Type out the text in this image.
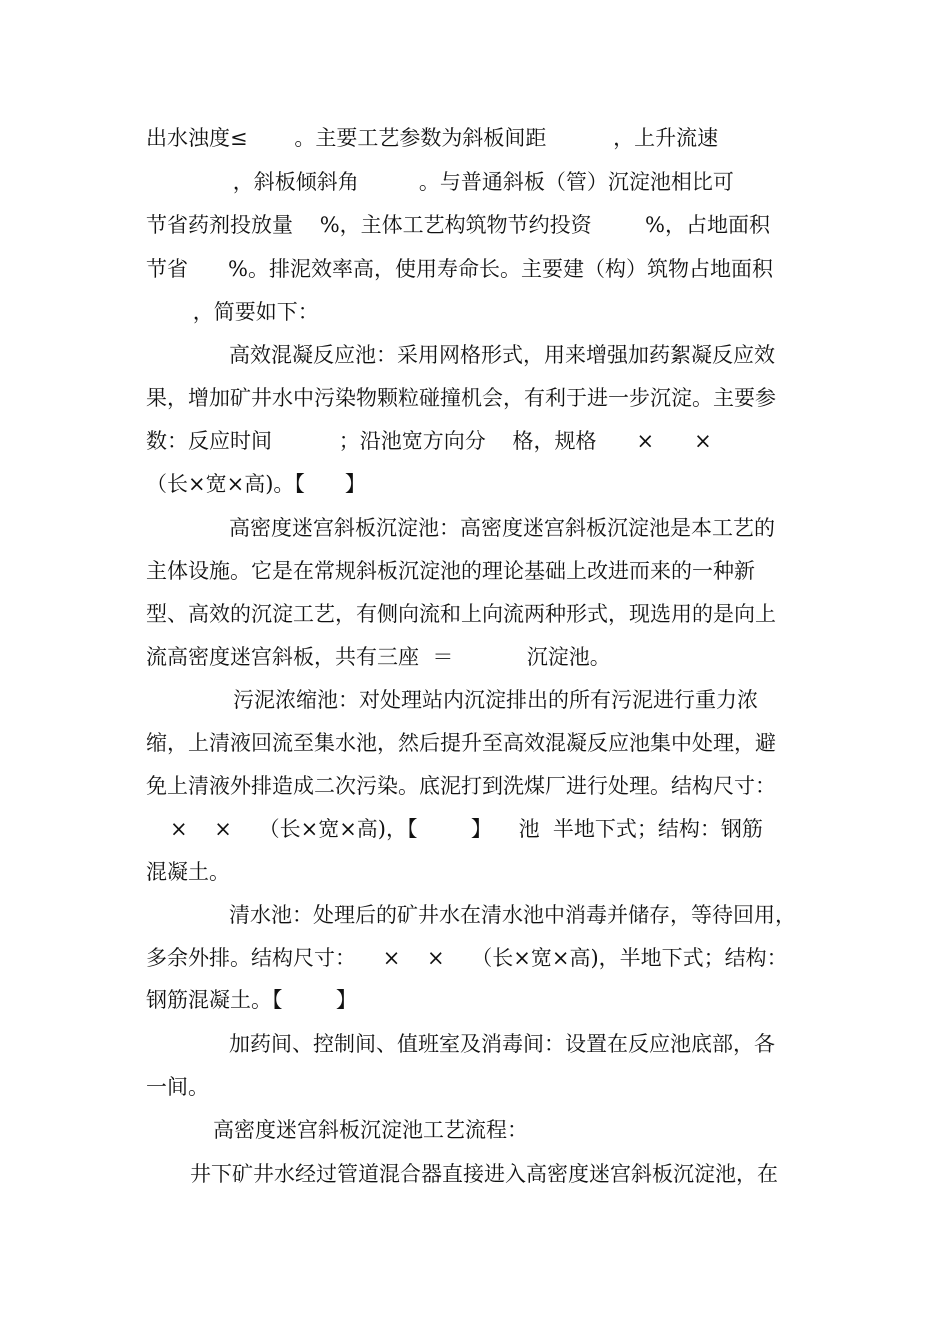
出水浊度≤       。主要工艺参数为斜板间距          ，上升流速
，斜板倾斜角         。与普通斜板（管）沉淀池相比可
节省药剂投放量    %，主体工艺构筑物节约投资        %，占地面积
节省      %。排泥效率高，使用寿命长。主要建（构）筑物占地面积
，简要如下：
高效混凝反应池：采用网格形式，用来增强加药絮凝反应效
果，增加矿井水中污染物颗粒碰撞机会，有利于进一步沉淀。主要参
数：反应时间          ；沿池宽方向分    格，规格      ×      ×
（长×宽×高)。【      】
高密度迷宫斜板沉淀池：高密度迷宫斜板沉淀池是本工艺的
主体设施。它是在常规斜板沉淀池的理论基础上改进而来的一种新
型、高效的沉淀工艺，有侧向流和上向流两种形式，现选用的是向上
流高密度迷宫斜板，共有三座  ＝           沉淀池。
污泥浓缩池：对处理站内沉淀排出的所有污泥进行重力浓
缩，上清液回流至集水池，然后提升至高效混凝反应池集中处理，避
免上清液外排造成二次污染。底泥打到洗煤厂进行处理。结构尺寸：
×    ×    （长×宽×高)，【        】    池  半地下式；结构：钢筋
混凝土。
清水池：处理后的矿井水在清水池中消毒并储存，等待回用，
多余外排。结构尺寸：    ×    ×    （长×宽×高)，半地下式；结构：
钢筋混凝土。【        】
加药间、控制间、值班室及消毒间：设置在反应池底部，各
一间。
高密度迷宫斜板沉淀池工艺流程：
井下矿井水经过管道混合器直接进入高密度迷宫斜板沉淀池，在
